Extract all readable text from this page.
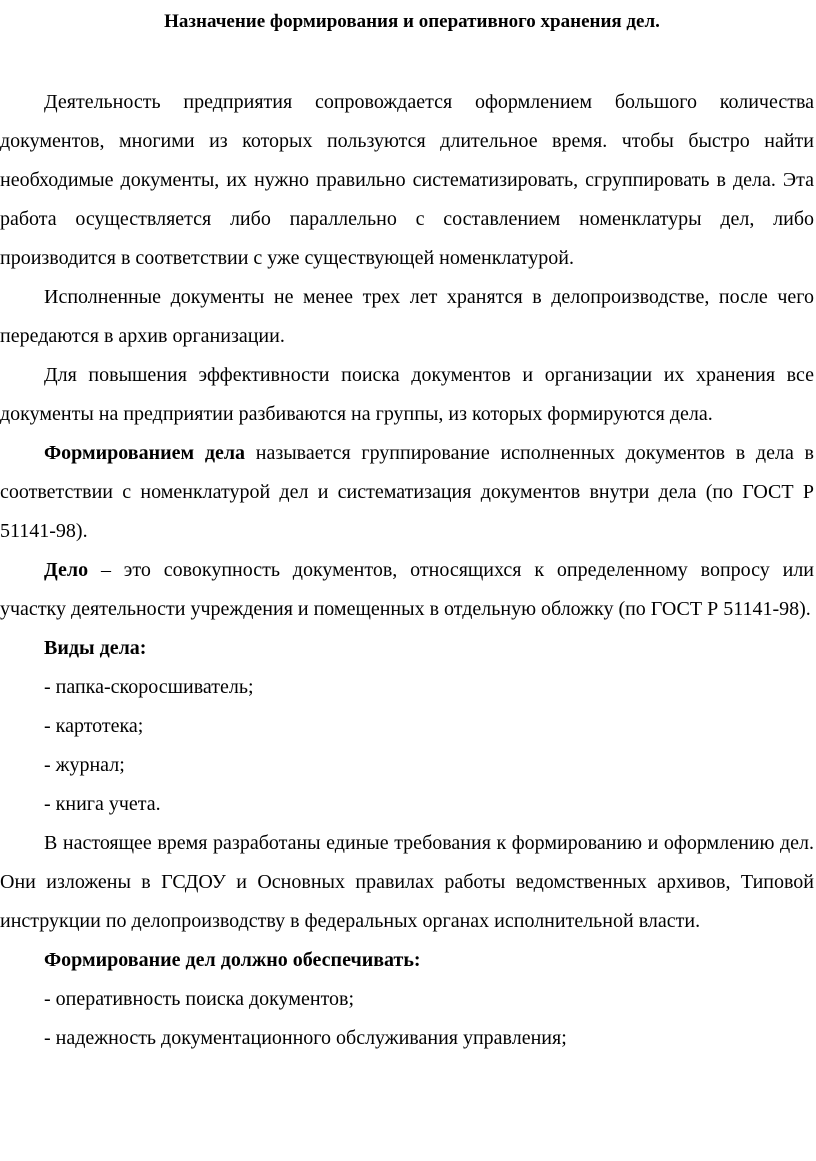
Назначение формирования и оперативного хранения дел.

Деятельность предприятия сопровождается оформлением большого количества документов, многими из которых пользуются длительное время. чтобы быстро найти необходимые документы, их нужно правильно систематизировать, сгруппировать в дела. Эта работа осуществляется либо параллельно с составлением номенклатуры дел, либо производится в соответствии с уже существующей номенклатурой.

Исполненные документы не менее трех лет хранятся в делопроизводстве, после чего передаются в архив организации.

Для повышения эффективности поиска документов и организации их хранения все документы на предприятии разбиваются на группы, из которых формируются дела.

Формированием дела называется группирование исполненных документов в дела в соответствии с номенклатурой дел и систематизация документов внутри дела (по ГОСТ Р 51141-98).

Дело – это совокупность документов, относящихся к определенному вопросу или участку деятельности учреждения и помещенных в отдельную обложку (по ГОСТ Р 51141-98).

Виды дела:

- папка-скоросшиватель;

- картотека;

- журнал;

- книга учета.

В настоящее время разработаны единые требования к формированию и оформлению дел. Они изложены в ГСДОУ и Основных правилах работы ведомственных архивов, Типовой инструкции по делопроизводству в федеральных органах исполнительной власти.

Формирование дел должно обеспечивать:

- оперативность поиска документов;

- надежность документационного обслуживания управления;
